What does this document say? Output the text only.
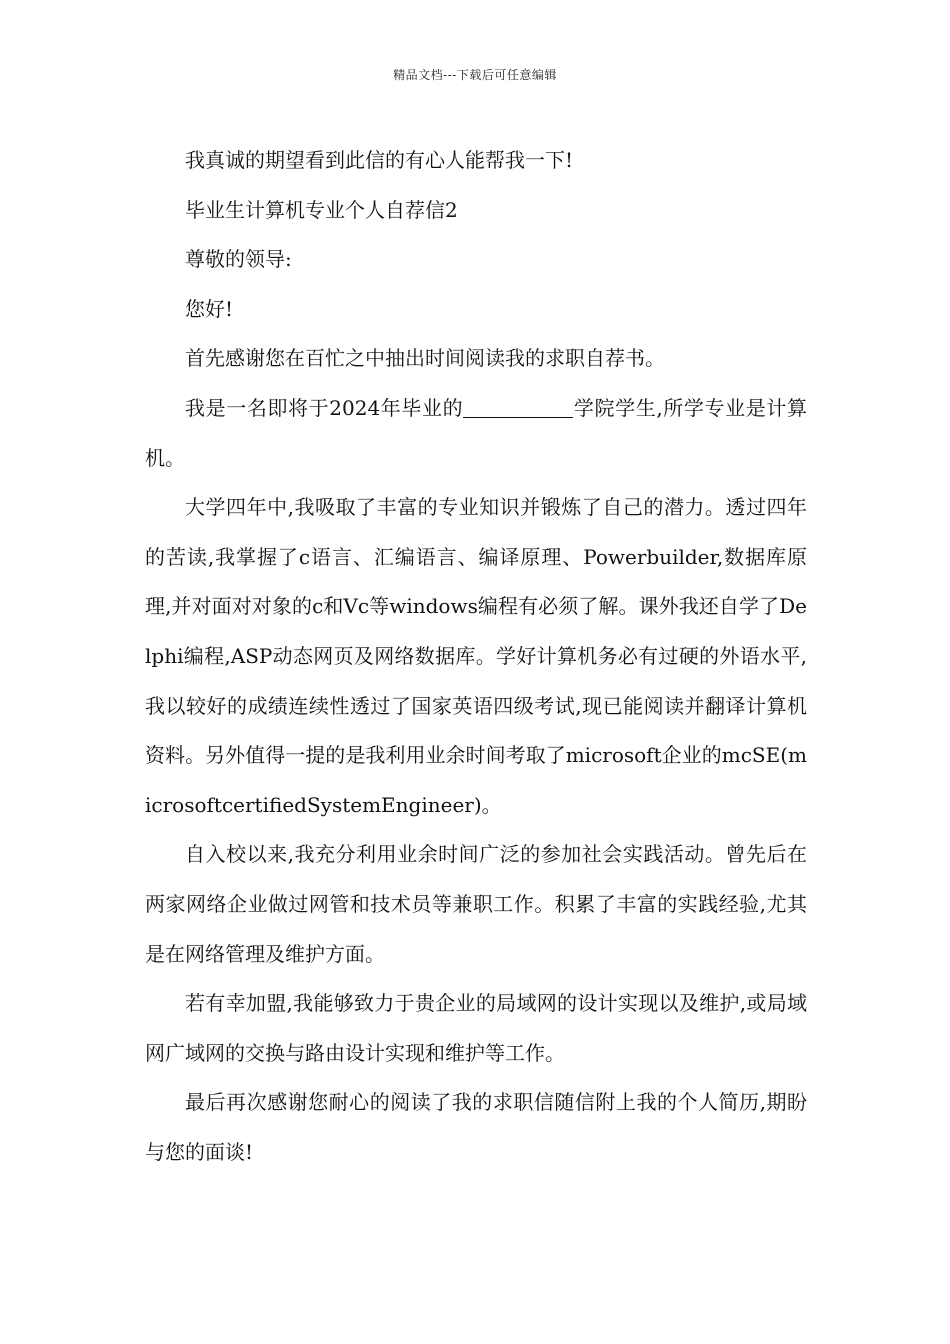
精品文档---下载后可任意编辑

我真诚的期望看到此信的有心人能帮我一下!

毕业生计算机专业个人自荐信2

尊敬的领导:

您好!

首先感谢您在百忙之中抽出时间阅读我的求职自荐书。

我是一名即将于2024年毕业的	学院学生,所学专业是计算机。

大学四年中,我吸取了丰富的专业知识并锻炼了自己的潜力。透过四年的苦读,我掌握了c语言、汇编语言、编译原理、Powerbuilder,数据库原理,并对面对对象的c和Vc等windows编程有必须了解。课外我还自学了Delphi编程,ASP动态网页及网络数据库。学好计算机务必有过硬的外语水平,我以较好的成绩连续性透过了国家英语四级考试,现已能阅读并翻译计算机资料。另外值得一提的是我利用业余时间考取了microsoft企业的mcSE(microsoftcertifiedSystemEngineer)。

自入校以来,我充分利用业余时间广泛的参加社会实践活动。曾先后在两家网络企业做过网管和技术员等兼职工作。积累了丰富的实践经验,尤其是在网络管理及维护方面。

若有幸加盟,我能够致力于贵企业的局域网的设计实现以及维护,或局域网广域网的交换与路由设计实现和维护等工作。

最后再次感谢您耐心的阅读了我的求职信随信附上我的个人简历,期盼与您的面谈!
